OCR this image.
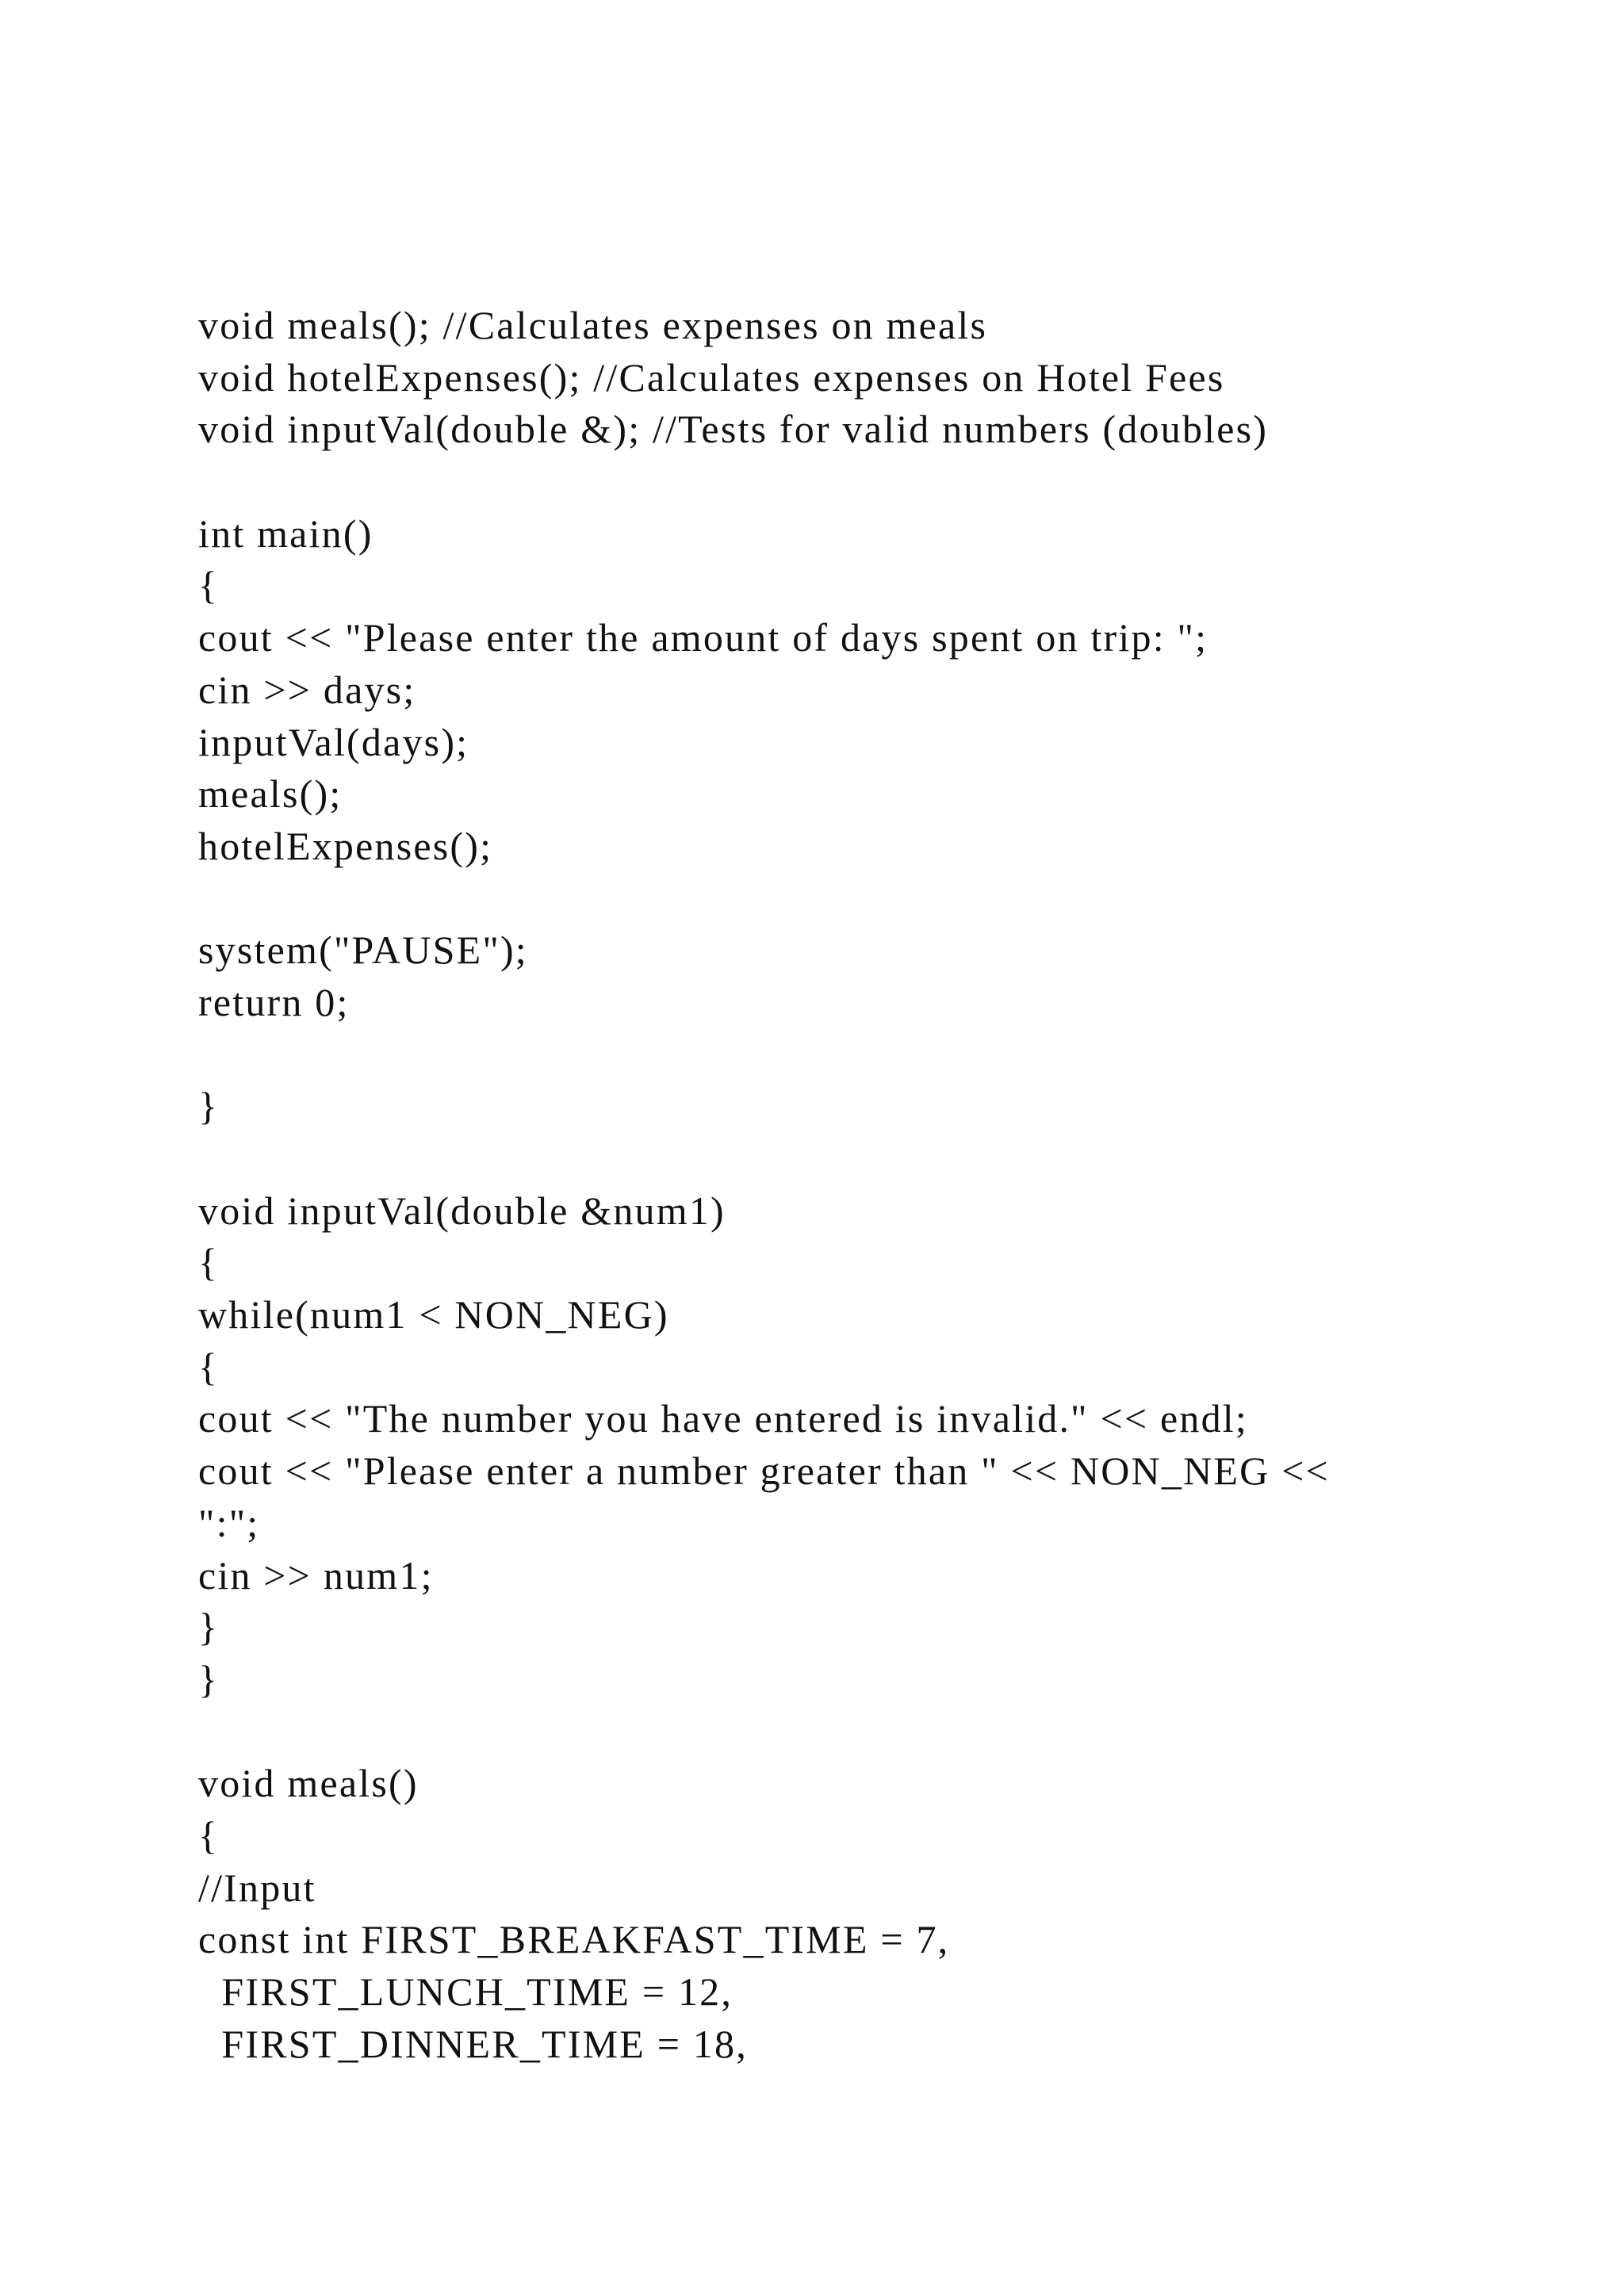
void meals(); //Calculates expenses on meals
void hotelExpenses(); //Calculates expenses on Hotel Fees
void inputVal(double &); //Tests for valid numbers (doubles)
int main()
{
cout << "Please enter the amount of days spent on trip: ";
cin >> days;
inputVal(days);
meals();
hotelExpenses();
system("PAUSE");
return 0;
}
void inputVal(double &num1)
{
while(num1 < NON_NEG)
{
cout << "The number you have entered is invalid." << endl;
cout << "Please enter a number greater than " << NON_NEG <<
":";
cin >> num1;
}
}
void meals()
{
//Input
const int FIRST_BREAKFAST_TIME = 7,
FIRST_LUNCH_TIME = 12,
FIRST_DINNER_TIME = 18,
